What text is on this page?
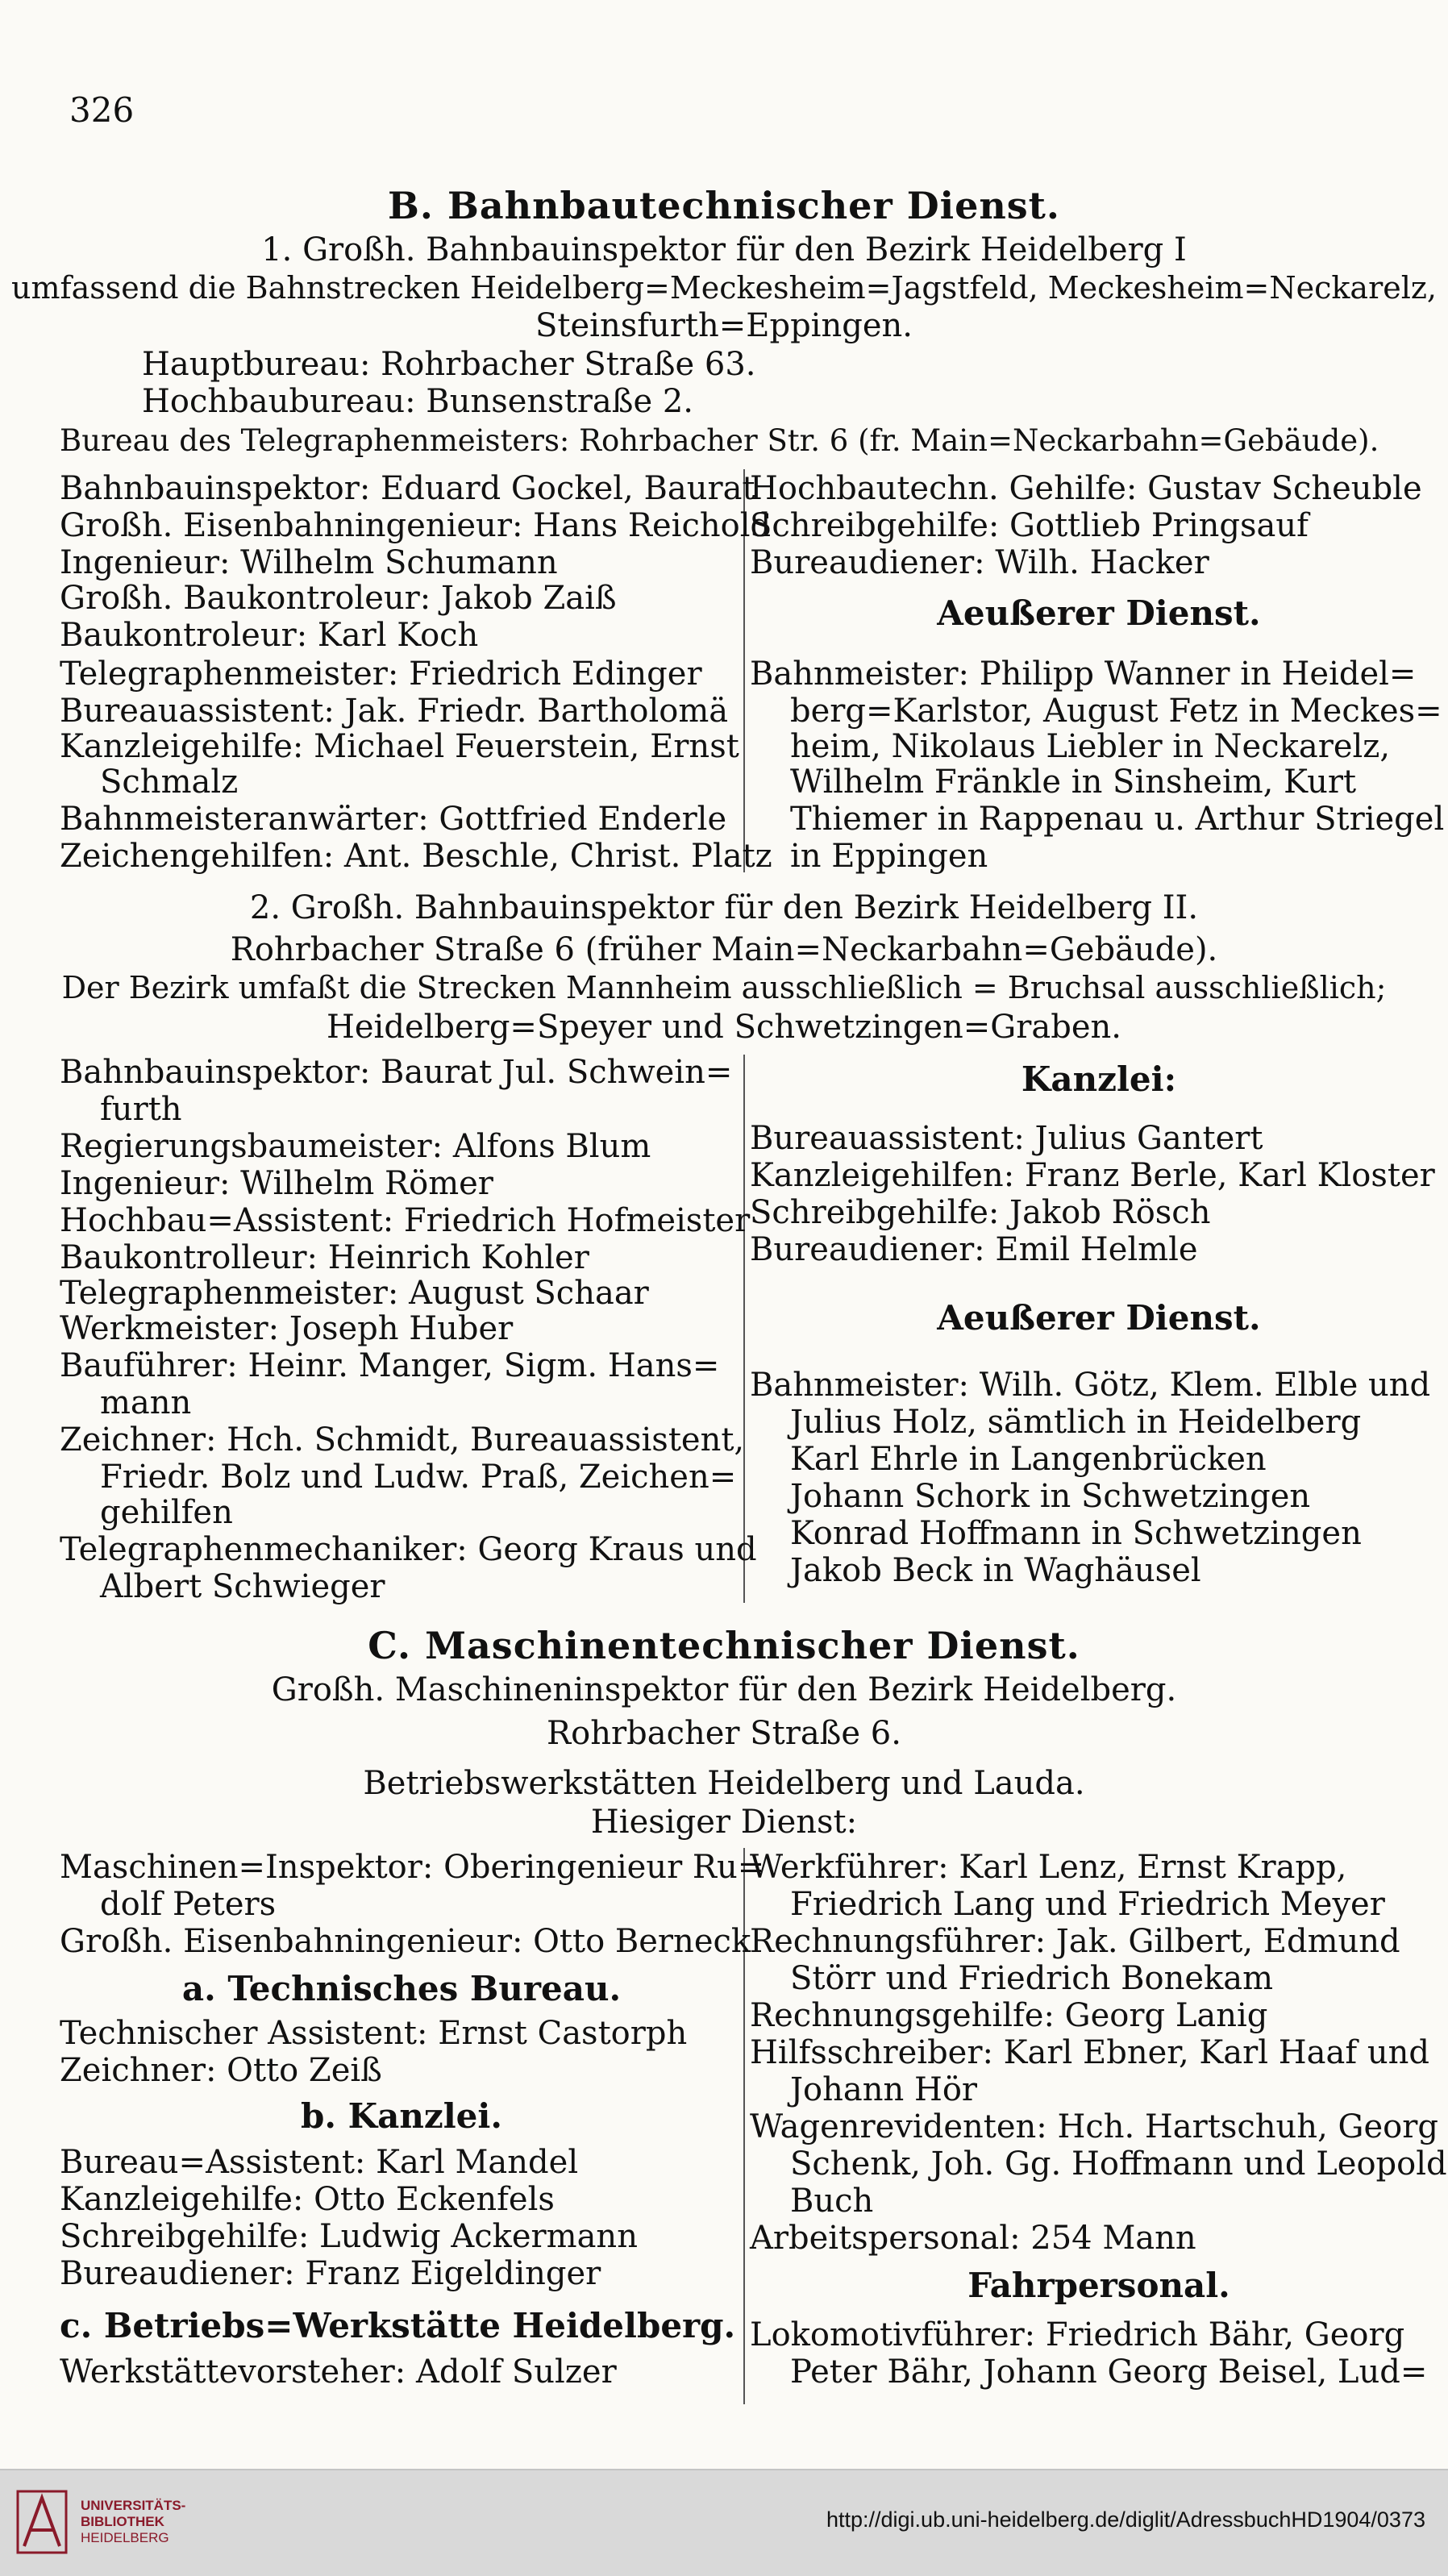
326
B. Bahnbautechnischer Dienst.
1. Großh. Bahnbauinspektor für den Bezirk Heidelberg I
umfassend die Bahnstrecken Heidelberg=Meckesheim=Jagstfeld, Meckesheim=Neckarelz,
Steinsfurth=Eppingen.
Hauptbureau: Rohrbacher Straße 63.
Hochbaubureau: Bunsenstraße 2.
Bureau des Telegraphenmeisters: Rohrbacher Str. 6 (fr. Main=Neckarbahn=Gebäude).
Bahnbauinspektor: Eduard Gockel, Baurat
Großh. Eisenbahningenieur: Hans Reichold
Ingenieur: Wilhelm Schumann
Großh. Baukontroleur: Jakob Zaiß
Baukontroleur: Karl Koch
Telegraphenmeister: Friedrich Edinger
Bureauassistent: Jak. Friedr. Bartholomä
Kanzleigehilfe: Michael Feuerstein, Ernst
Schmalz
Bahnmeisteranwärter: Gottfried Enderle
Zeichengehilfen: Ant. Beschle, Christ. Platz
Hochbautechn. Gehilfe: Gustav Scheuble
Schreibgehilfe: Gottlieb Pringsauf
Bureaudiener: Wilh. Hacker
Aeußerer Dienst.
Bahnmeister: Philipp Wanner in Heidel=
berg=Karlstor, August Fetz in Meckes=
heim, Nikolaus Liebler in Neckarelz,
Wilhelm Fränkle in Sinsheim, Kurt
Thiemer in Rappenau u. Arthur Striegel
in Eppingen
2. Großh. Bahnbauinspektor für den Bezirk Heidelberg II.
Rohrbacher Straße 6 (früher Main=Neckarbahn=Gebäude).
Der Bezirk umfaßt die Strecken Mannheim ausschließlich = Bruchsal ausschließlich;
Heidelberg=Speyer und Schwetzingen=Graben.
Bahnbauinspektor: Baurat Jul. Schwein=
furth
Regierungsbaumeister: Alfons Blum
Ingenieur: Wilhelm Römer
Hochbau=Assistent: Friedrich Hofmeister
Baukontrolleur: Heinrich Kohler
Telegraphenmeister: August Schaar
Werkmeister: Joseph Huber
Bauführer: Heinr. Manger, Sigm. Hans=
mann
Zeichner: Hch. Schmidt, Bureauassistent,
Friedr. Bolz und Ludw. Praß, Zeichen=
gehilfen
Telegraphenmechaniker: Georg Kraus und
Albert Schwieger
Kanzlei:
Bureauassistent: Julius Gantert
Kanzleigehilfen: Franz Berle, Karl Kloster
Schreibgehilfe: Jakob Rösch
Bureaudiener: Emil Helmle
Aeußerer Dienst.
Bahnmeister: Wilh. Götz, Klem. Elble und
Julius Holz, sämtlich in Heidelberg
Karl Ehrle in Langenbrücken
Johann Schork in Schwetzingen
Konrad Hoffmann in Schwetzingen
Jakob Beck in Waghäusel
C. Maschinentechnischer Dienst.
Großh. Maschineninspektor für den Bezirk Heidelberg.
Rohrbacher Straße 6.
Betriebswerkstätten Heidelberg und Lauda.
Hiesiger Dienst:
Maschinen=Inspektor: Oberingenieur Ru=
dolf Peters
Großh. Eisenbahningenieur: Otto Berneck
a. Technisches Bureau.
Technischer Assistent: Ernst Castorph
Zeichner: Otto Zeiß
b. Kanzlei.
Bureau=Assistent: Karl Mandel
Kanzleigehilfe: Otto Eckenfels
Schreibgehilfe: Ludwig Ackermann
Bureaudiener: Franz Eigeldinger
c. Betriebs=Werkstätte Heidelberg.
Werkstättevorsteher: Adolf Sulzer
Werkführer: Karl Lenz, Ernst Krapp,
Friedrich Lang und Friedrich Meyer
Rechnungsführer: Jak. Gilbert, Edmund
Störr und Friedrich Bonekam
Rechnungsgehilfe: Georg Lanig
Hilfsschreiber: Karl Ebner, Karl Haaf und
Johann Hör
Wagenrevidenten: Hch. Hartschuh, Georg
Schenk, Joh. Gg. Hoffmann und Leopold
Buch
Arbeitspersonal: 254 Mann
Fahrpersonal.
Lokomotivführer: Friedrich Bähr, Georg
Peter Bähr, Johann Georg Beisel, Lud=
UNIVERSITÄTS-
BIBLIOTHEK
HEIDELBERG
http://digi.ub.uni-heidelberg.de/diglit/AdressbuchHD1904/0373
